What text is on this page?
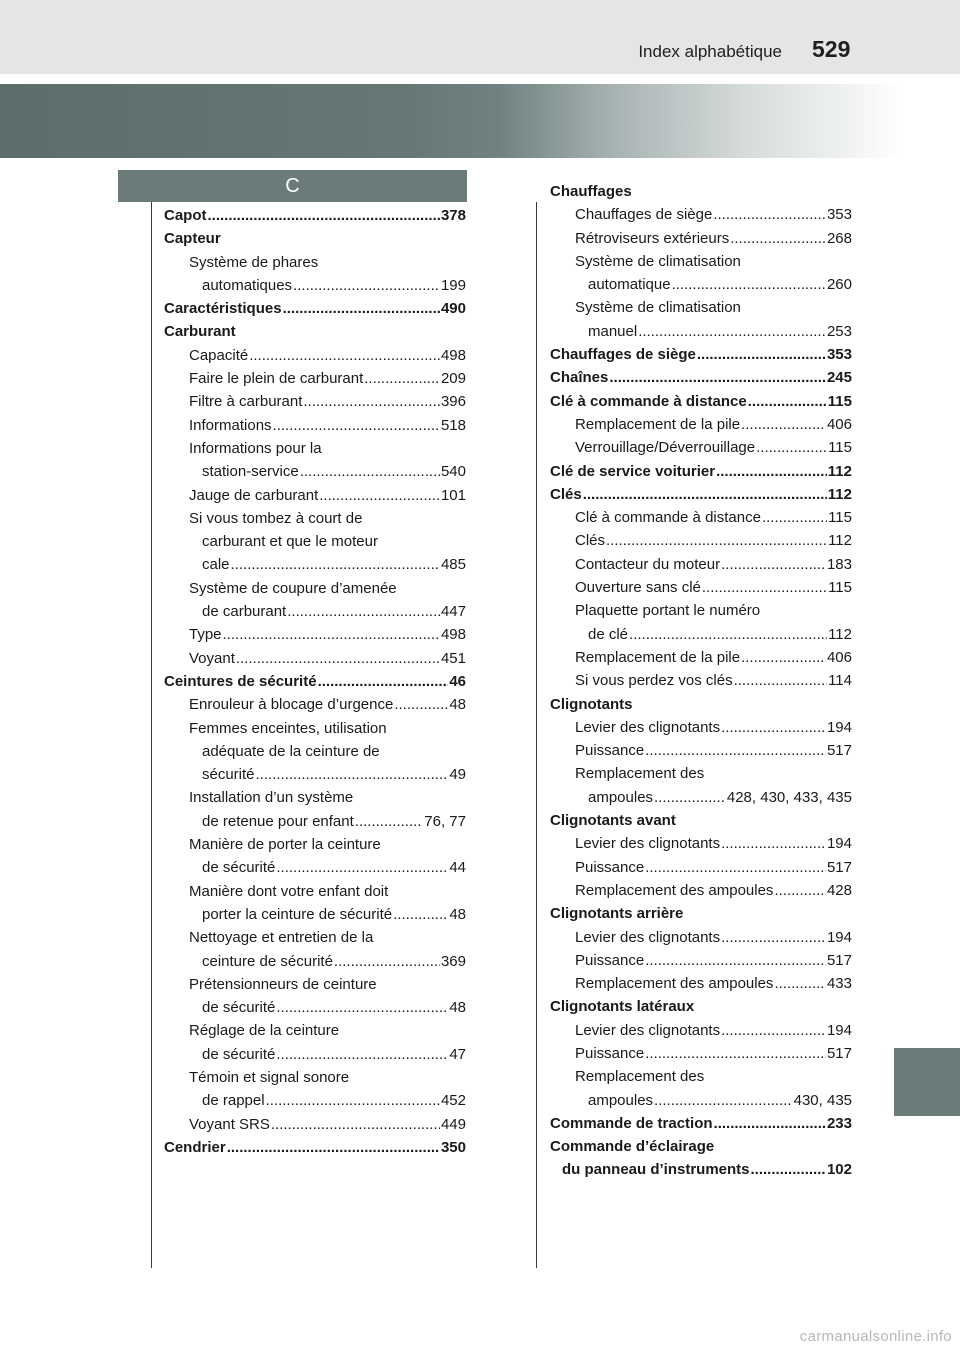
Index alphabétique 529
C
Capot .....	378
Capteur
Système de phares
automatiques .....	199
Caractéristiques .....	490
Carburant
Capacité .....	498
Faire le plein de carburant .....	209
Filtre à carburant .....	396
Informations .....	518
Informations pour la
station-service .....	540
Jauge de carburant .....	101
Si vous tombez à court de
carburant et que le moteur
cale .....	485
Système de coupure d’amenée
de carburant .....	447
Type .....	498
Voyant .....	451
Ceintures de sécurité .....	46
Enrouleur à blocage d’urgence .....	48
Femmes enceintes, utilisation
adéquate de la ceinture de
sécurité .....	49
Installation d’un système
de retenue pour enfant .....	76, 77
Manière de porter la ceinture
de sécurité .....	44
Manière dont votre enfant doit
porter la ceinture de sécurité .....	48
Nettoyage et entretien de la
ceinture de sécurité .....	369
Prétensionneurs de ceinture
de sécurité .....	48
Réglage de la ceinture
de sécurité .....	47
Témoin et signal sonore
de rappel .....	452
Voyant SRS .....	449
Cendrier .....	350
Chauffages
Chauffages de siège .....	353
Rétroviseurs extérieurs .....	268
Système de climatisation
automatique .....	260
Système de climatisation
manuel .....	253
Chauffages de siège .....	353
Chaînes .....	245
Clé à commande à distance .....	115
Remplacement de la pile .....	406
Verrouillage/Déverrouillage .....	115
Clé de service voiturier .....	112
Clés .....	112
Clé à commande à distance .....	115
Clés .....	112
Contacteur du moteur .....	183
Ouverture sans clé .....	115
Plaquette portant le numéro
de clé .....	112
Remplacement de la pile .....	406
Si vous perdez vos clés .....	114
Clignotants
Levier des clignotants .....	194
Puissance .....	517
Remplacement des
ampoules .....	428, 430, 433, 435
Clignotants avant
Levier des clignotants .....	194
Puissance .....	517
Remplacement des ampoules .....	428
Clignotants arrière
Levier des clignotants .....	194
Puissance .....	517
Remplacement des ampoules .....	433
Clignotants latéraux
Levier des clignotants .....	194
Puissance .....	517
Remplacement des
ampoules .....	430, 435
Commande de traction .....	233
Commande d’éclairage
du panneau d’instruments .....	102
carmanualsonline.info
